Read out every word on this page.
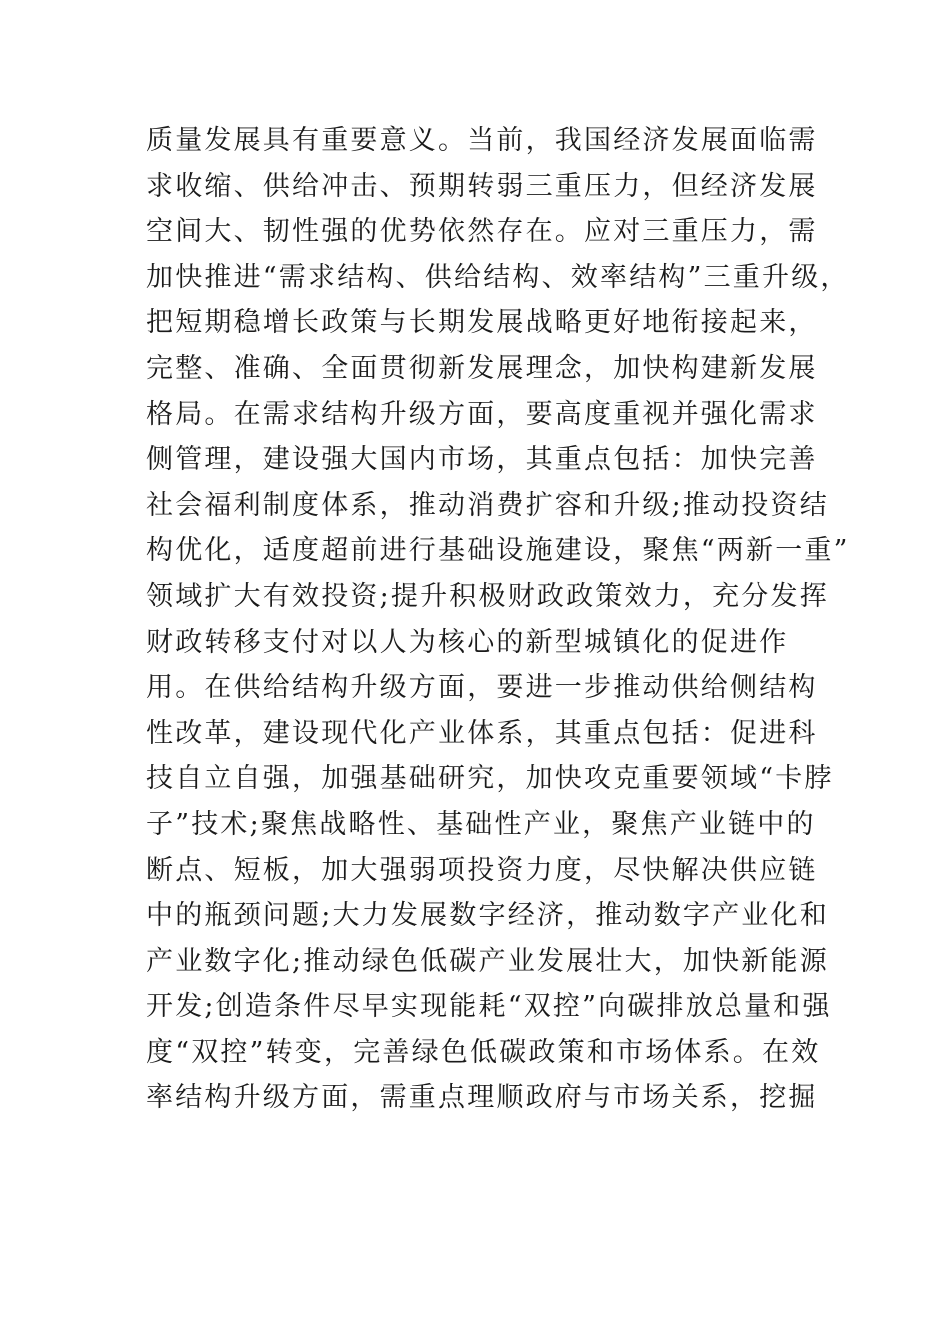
质量发展具有重要意义。当前，我国经济发展面临需
求收缩、供给冲击、预期转弱三重压力，但经济发展
空间大、韧性强的优势依然存在。应对三重压力，需
加快推进“需求结构、供给结构、效率结构”三重升级，
把短期稳增长政策与长期发展战略更好地衔接起来，
完整、准确、全面贯彻新发展理念，加快构建新发展
格局。在需求结构升级方面，要高度重视并强化需求
侧管理，建设强大国内市场，其重点包括：加快完善
社会福利制度体系，推动消费扩容和升级;推动投资结
构优化，适度超前进行基础设施建设，聚焦“两新一重”
领域扩大有效投资;提升积极财政政策效力，充分发挥
财政转移支付对以人为核心的新型城镇化的促进作
用。在供给结构升级方面，要进一步推动供给侧结构
性改革，建设现代化产业体系，其重点包括：促进科
技自立自强，加强基础研究，加快攻克重要领域“卡脖
子”技术;聚焦战略性、基础性产业，聚焦产业链中的
断点、短板，加大强弱项投资力度，尽快解决供应链
中的瓶颈问题;大力发展数字经济，推动数字产业化和
产业数字化;推动绿色低碳产业发展壮大，加快新能源
开发;创造条件尽早实现能耗“双控”向碳排放总量和强
度“双控”转变，完善绿色低碳政策和市场体系。在效
率结构升级方面，需重点理顺政府与市场关系，挖掘
